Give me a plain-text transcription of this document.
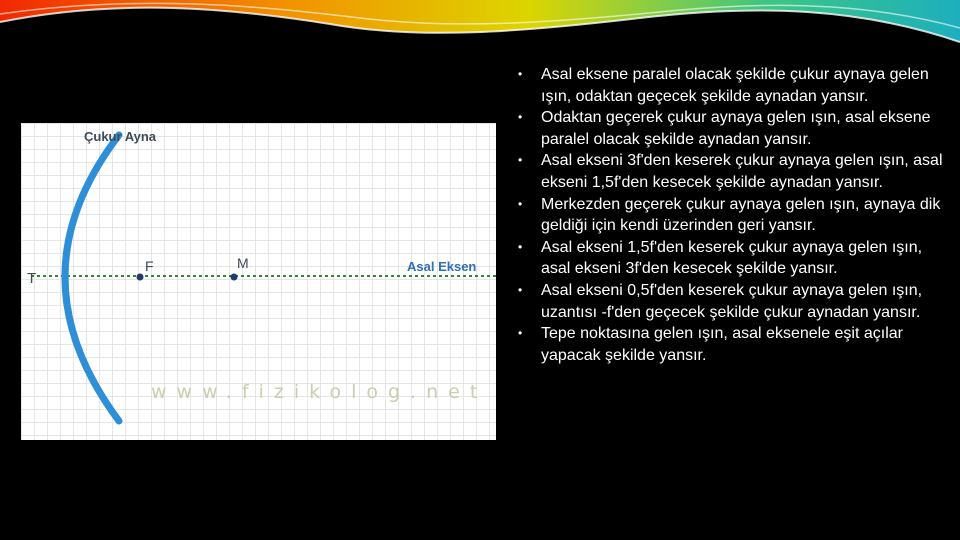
Çukur Ayna
T
F	M	Asal Eksen
www.fizikolog.net
• Asal eksene paralel olacak şekilde çukur aynaya gelen ışın, odaktan geçecek şekilde aynadan yansır.
• Odaktan geçerek çukur aynaya gelen ışın, asal eksene paralel olacak şekilde aynadan yansır.
• Asal ekseni 3f'den keserek çukur aynaya gelen ışın, asal ekseni 1,5f'den kesecek şekilde aynadan yansır.
• Merkezden geçerek çukur aynaya gelen ışın, aynaya dik geldiği için kendi üzerinden geri yansır.
• Asal ekseni 1,5f'den keserek çukur aynaya gelen ışın, asal ekseni 3f'den kesecek şekilde yansır.
• Asal ekseni 0,5f'den keserek çukur aynaya gelen ışın, uzantısı -f'den geçecek şekilde çukur aynadan yansır.
• Tepe noktasına gelen ışın, asal eksenele eşit açılar yapacak şekilde yansır.
